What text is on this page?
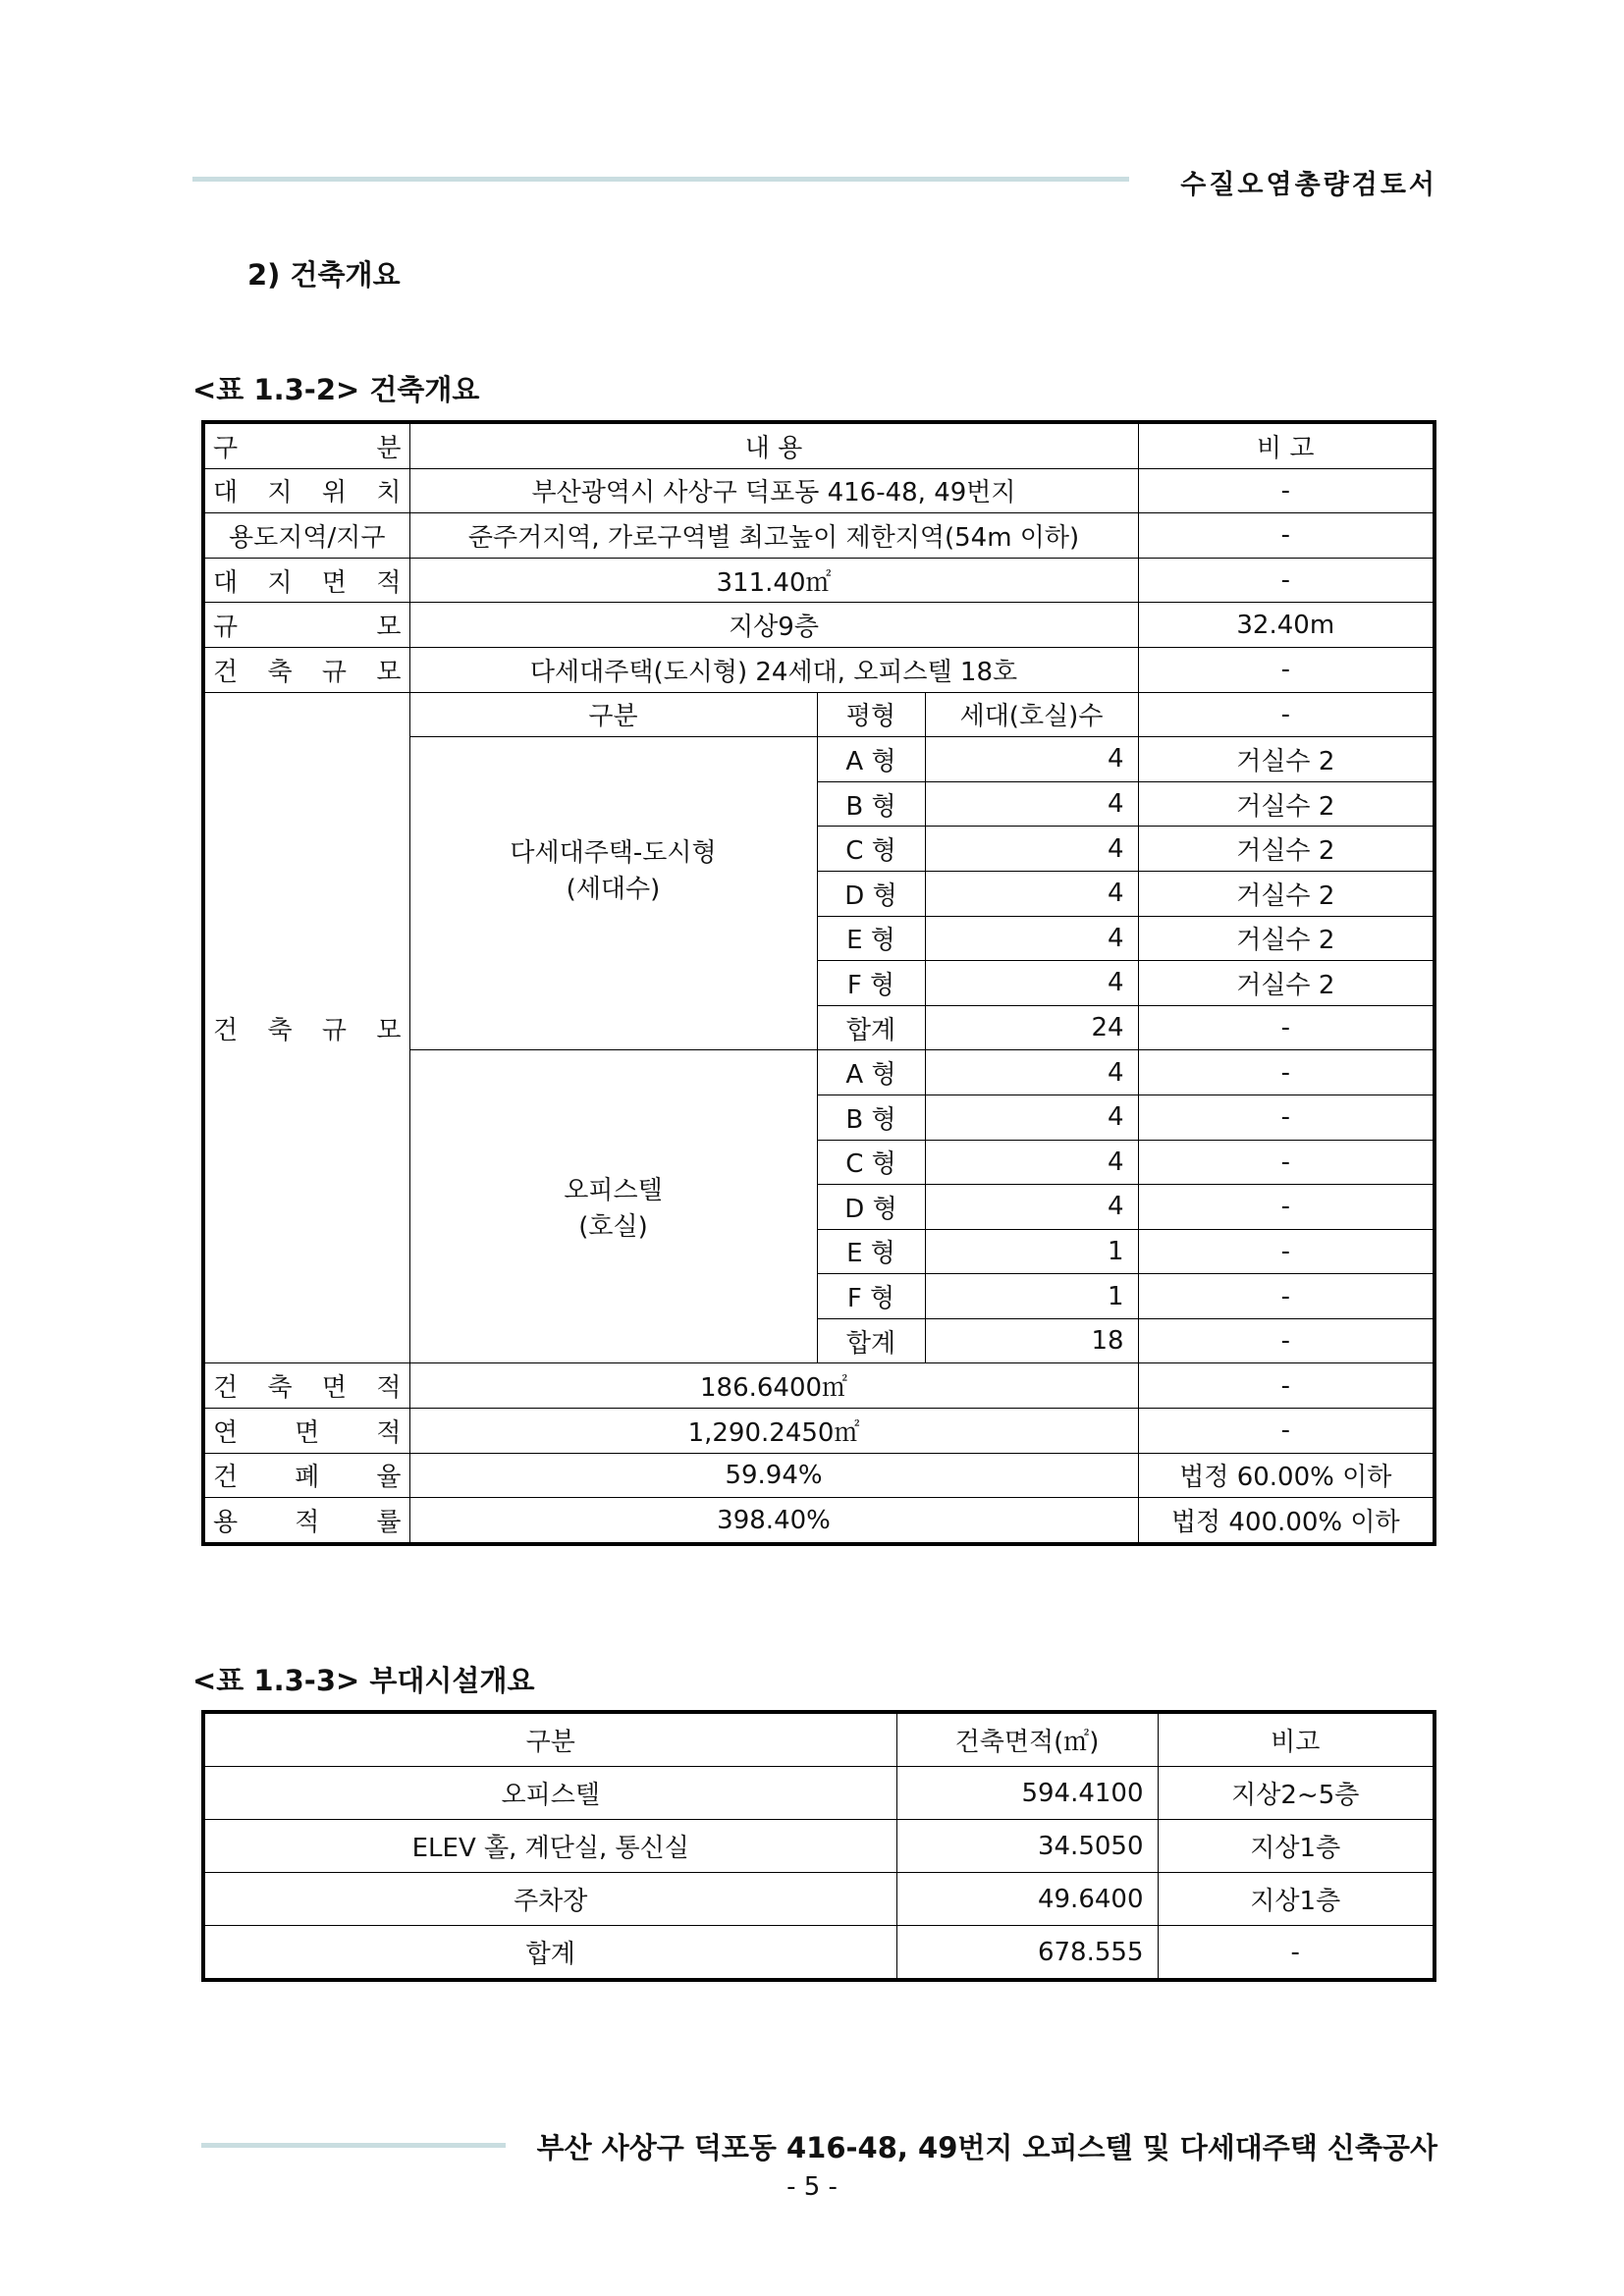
수질오염총량검토서
2) 건축개요
<표 1.3-2> 건축개요
구 분	내 용			비 고

대 지 위 치	부산광역시 사상구 덕포동 416-48, 49번지			-
용도지역/지구	준주거지역, 가로구역별 최고높이 제한지역(54m 이하)			-

대 지 면 적	311.40㎡			-

규 모	지상9층			32.40m

건 축 규 모	다세대주택(도시형) 24세대, 오피스텔 18호			-

건 축 규 모	구분	평형	세대(호실)수	-

	다세대주택-도시형
(세대수)	A 형	4	거실수 2
		B 형	4	거실수 2
		C 형	4	거실수 2
		D 형	4	거실수 2
		E 형	4	거실수 2
		F 형	4	거실수 2
		합계	24	-

	오피스텔
(호실)	A 형	4	-
		B 형	4	-
		C 형	4	-
		D 형	4	-
		E 형	1	-
		F 형	1	-
		합계	18	-

건 축 면 적	186.6400㎡			-

연 면 적	1,290.2450㎡			-

건 폐 율	59.94%			법정 60.00% 이하

용 적 률	398.40%			법정 400.00% 이하
<표 1.3-3> 부대시설개요
구분	건축면적(㎡)	비고
오피스텔	594.4100	지상2~5층
ELEV 홀, 계단실, 통신실	34.5050	지상1층
주차장	49.6400	지상1층
합계	678.555	-
부산 사상구 덕포동 416-48, 49번지 오피스텔 및 다세대주택 신축공사
- 5 -
